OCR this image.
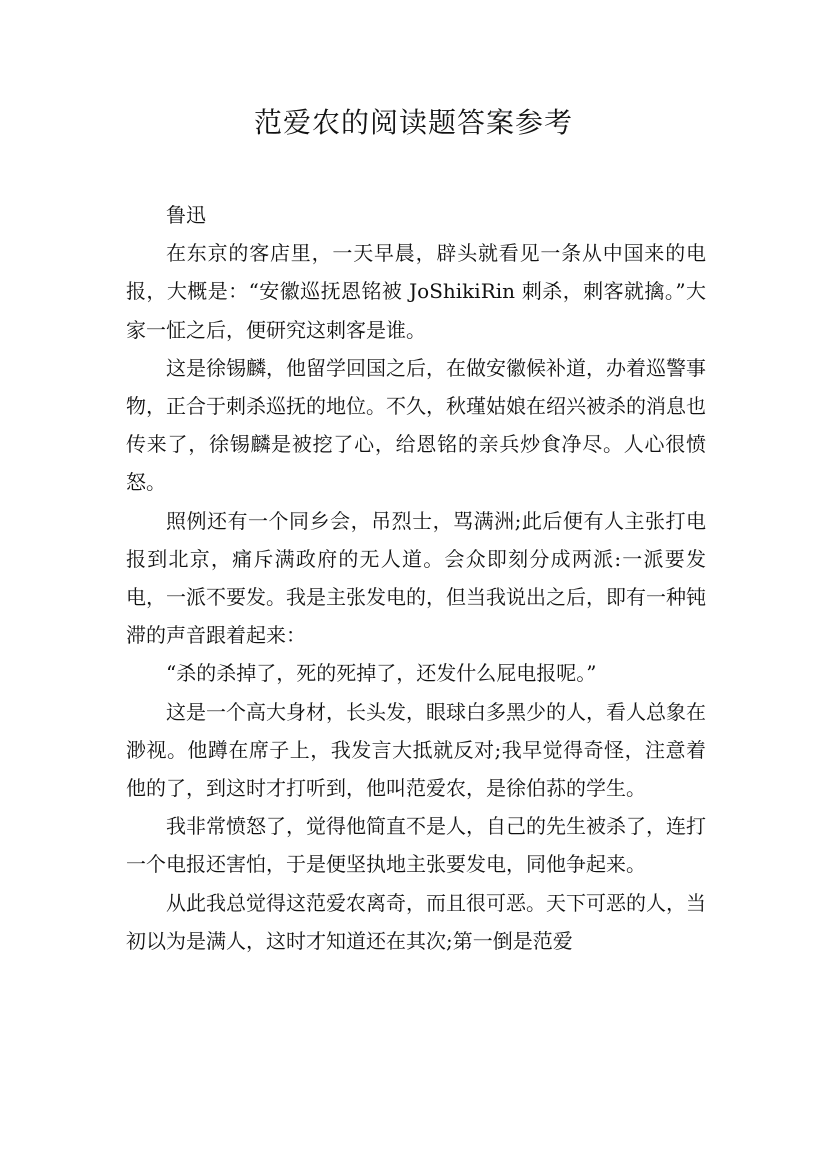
范爱农的阅读题答案参考

鲁迅

在东京的客店里，一天早晨，辟头就看见一条从中国来的电报，大概是：“安徽巡抚恩铭被 JoShikiRin 刺杀，刺客就擒。”大家一怔之后，便研究这刺客是谁。

这是徐锡麟，他留学回国之后，在做安徽候补道，办着巡警事物，正合于刺杀巡抚的地位。不久，秋瑾姑娘在绍兴被杀的消息也传来了，徐锡麟是被挖了心，给恩铭的亲兵炒食净尽。人心很愤怒。

照例还有一个同乡会，吊烈士，骂满洲;此后便有人主张打电报到北京，痛斥满政府的无人道。会众即刻分成两派:一派要发电，一派不要发。我是主张发电的，但当我说出之后，即有一种钝滞的声音跟着起来：

“杀的杀掉了，死的死掉了，还发什么屁电报呢。”

这是一个高大身材，长头发，眼球白多黑少的人，看人总象在渺视。他蹲在席子上，我发言大抵就反对;我早觉得奇怪，注意着他的了，到这时才打听到，他叫范爱农，是徐伯荪的学生。

我非常愤怒了，觉得他简直不是人，自己的先生被杀了，连打一个电报还害怕，于是便坚执地主张要发电，同他争起来。

从此我总觉得这范爱农离奇，而且很可恶。天下可恶的人，当初以为是满人，这时才知道还在其次;第一倒是范爱
